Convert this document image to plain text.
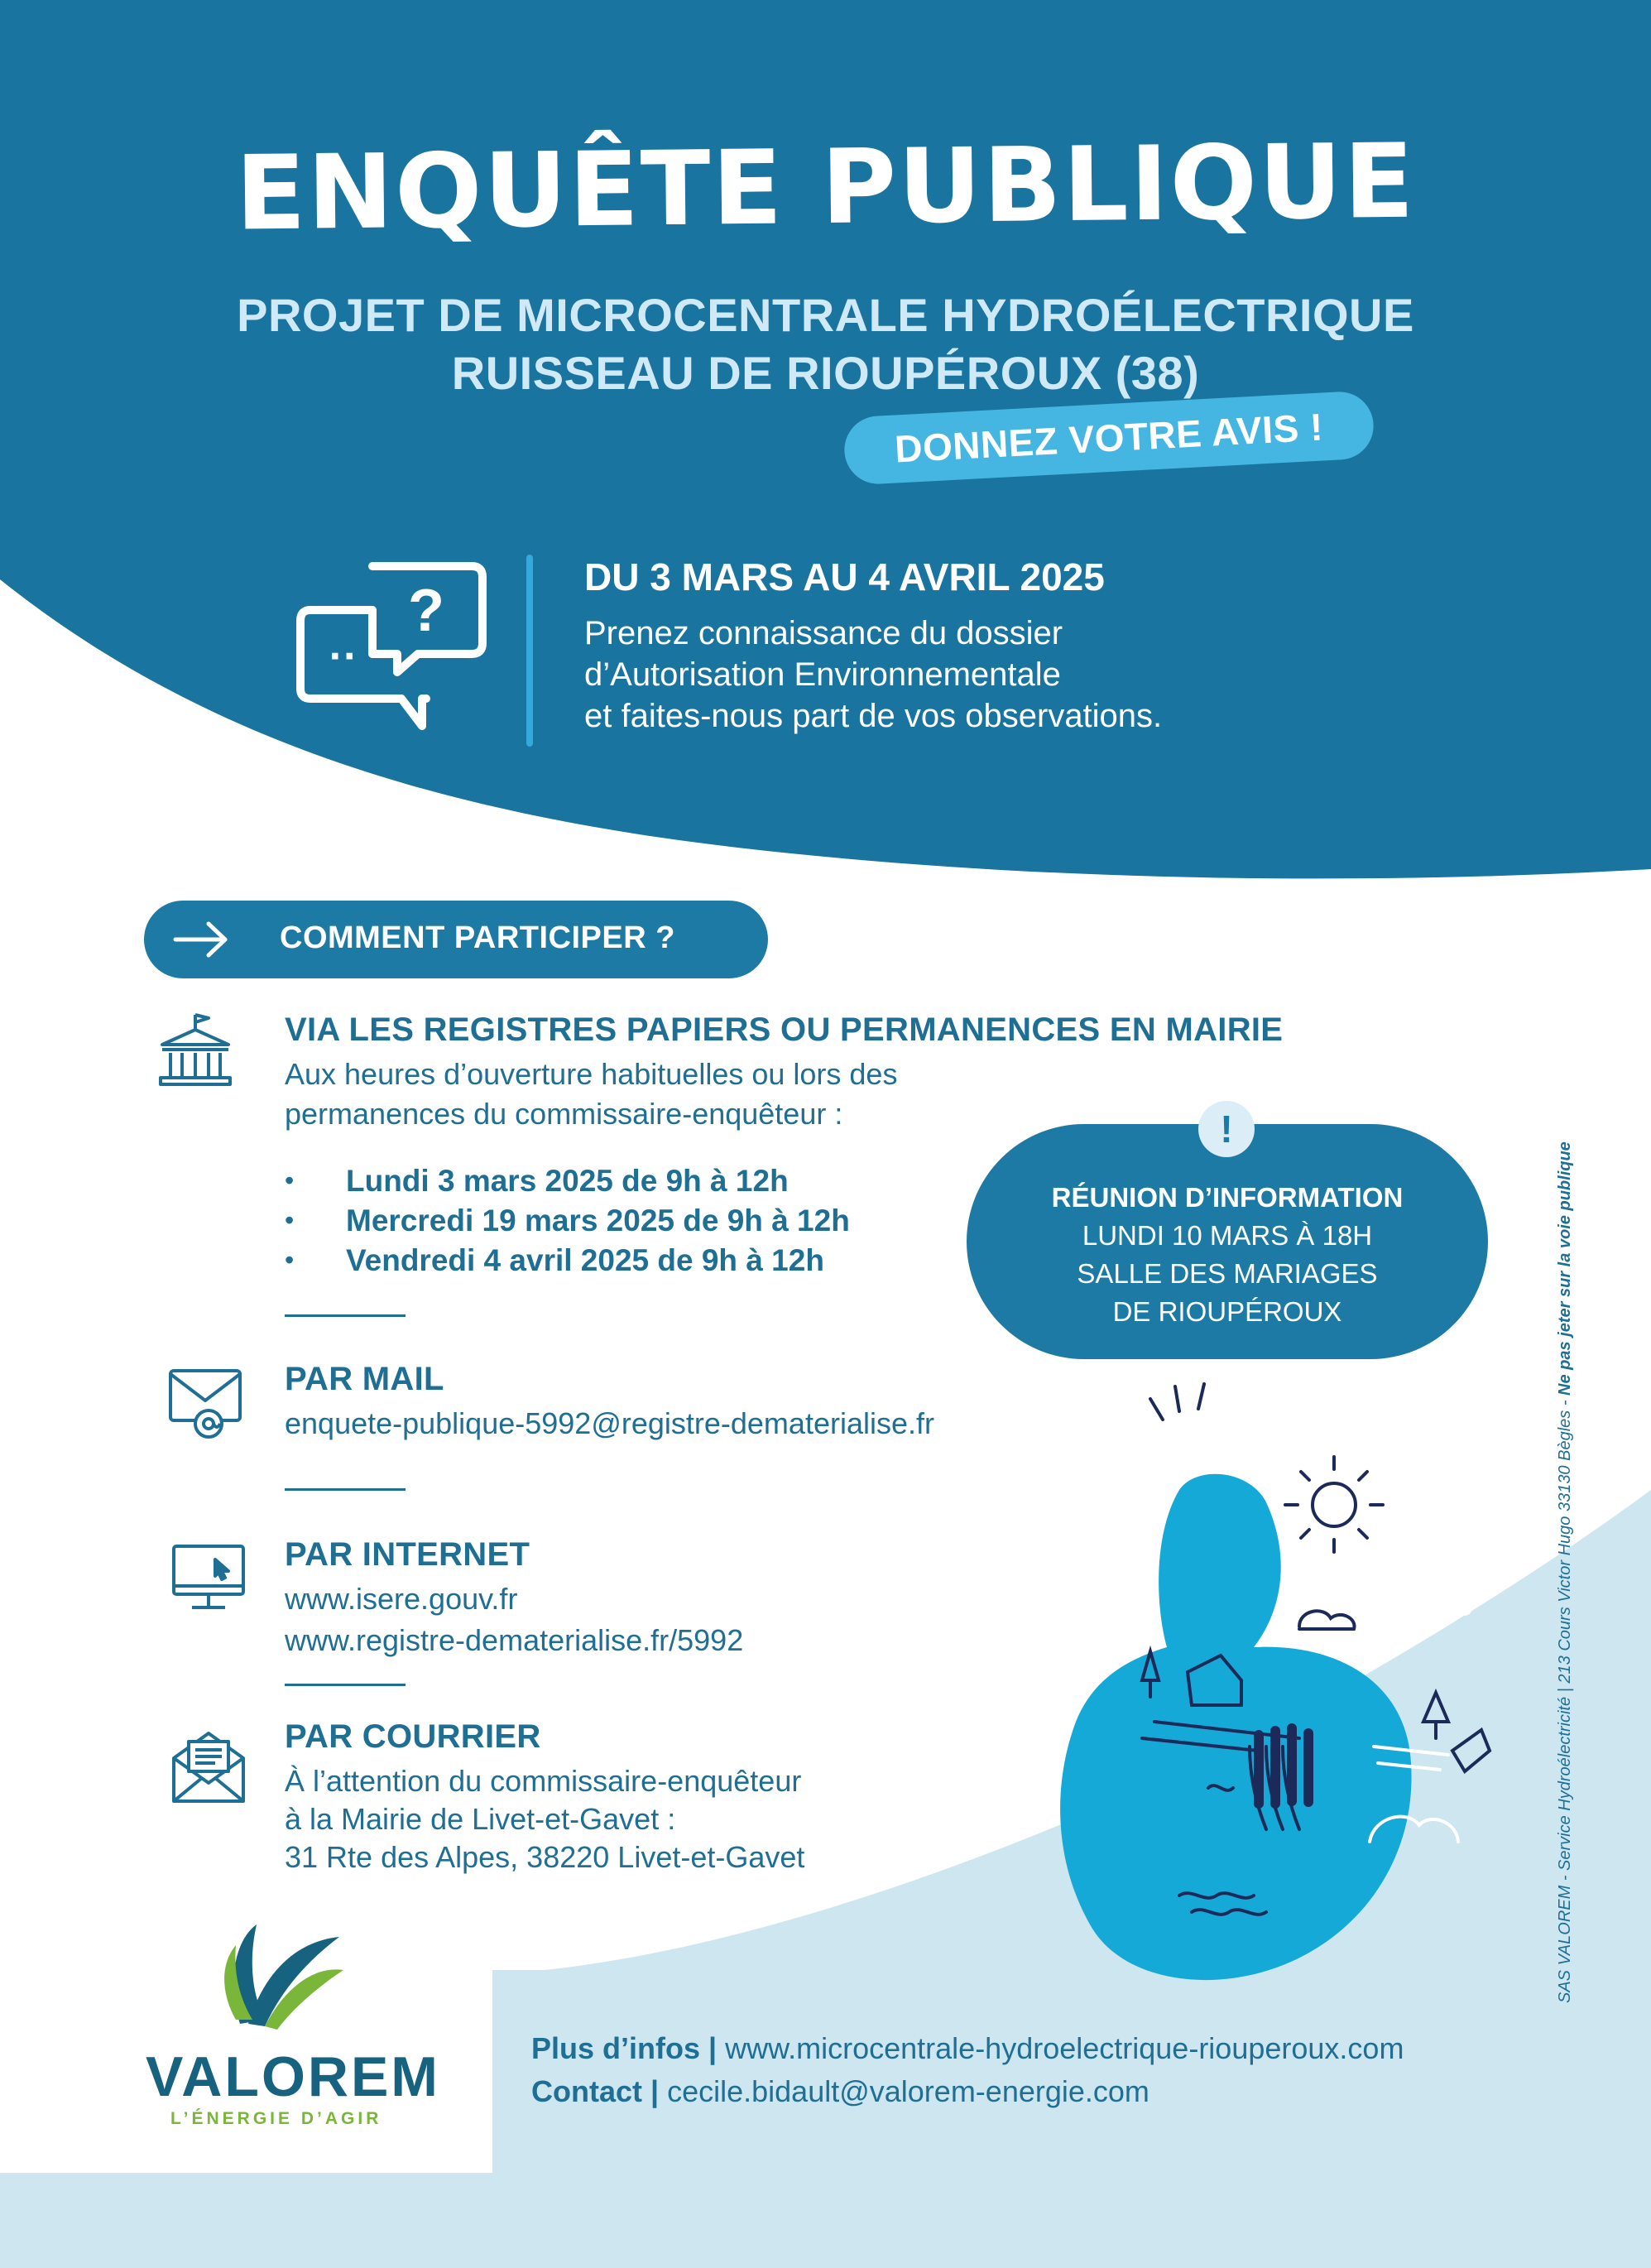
ENQUÊTE PUBLIQUE
PROJET DE MICROCENTRALE HYDROÉLECTRIQUE
RUISSEAU DE RIOUPÉROUX (38)
DONNEZ VOTRE AVIS !
?
··
DU 3 MARS AU 4 AVRIL 2025
Prenez connaissance du dossier
d’Autorisation Environnementale
et faites-nous part de vos observations.
COMMENT PARTICIPER ?
VIA LES REGISTRES PAPIERS OU PERMANENCES EN MAIRIE
Aux heures d’ouverture habituelles ou lors des
permanences du commissaire-enquêteur :
• Lundi 3 mars 2025 de 9h à 12h
• Mercredi 19 mars 2025 de 9h à 12h
• Vendredi 4 avril 2025 de 9h à 12h
RÉUNION D’INFORMATION
LUNDI 10 MARS À 18H
SALLE DES MARIAGES
DE RIOUPÉROUX
!
PAR MAIL
enquete-publique-5992@registre-dematerialise.fr
PAR INTERNET
www.isere.gouv.fr
www.registre-dematerialise.fr/5992
PAR COURRIER
À l’attention du commissaire-enquêteur
à la Mairie de Livet-et-Gavet :
31 Rte des Alpes, 38220 Livet-et-Gavet
VALOREM
L’ÉNERGIE D’AGIR
Plus d’infos | www.microcentrale-hydroelectrique-riouperoux.com
Contact | cecile.bidault@valorem-energie.com
SAS VALOREM - Service Hydroélectricité | 213 Cours Victor Hugo 33130 Bègles - Ne pas jeter sur la voie publique
